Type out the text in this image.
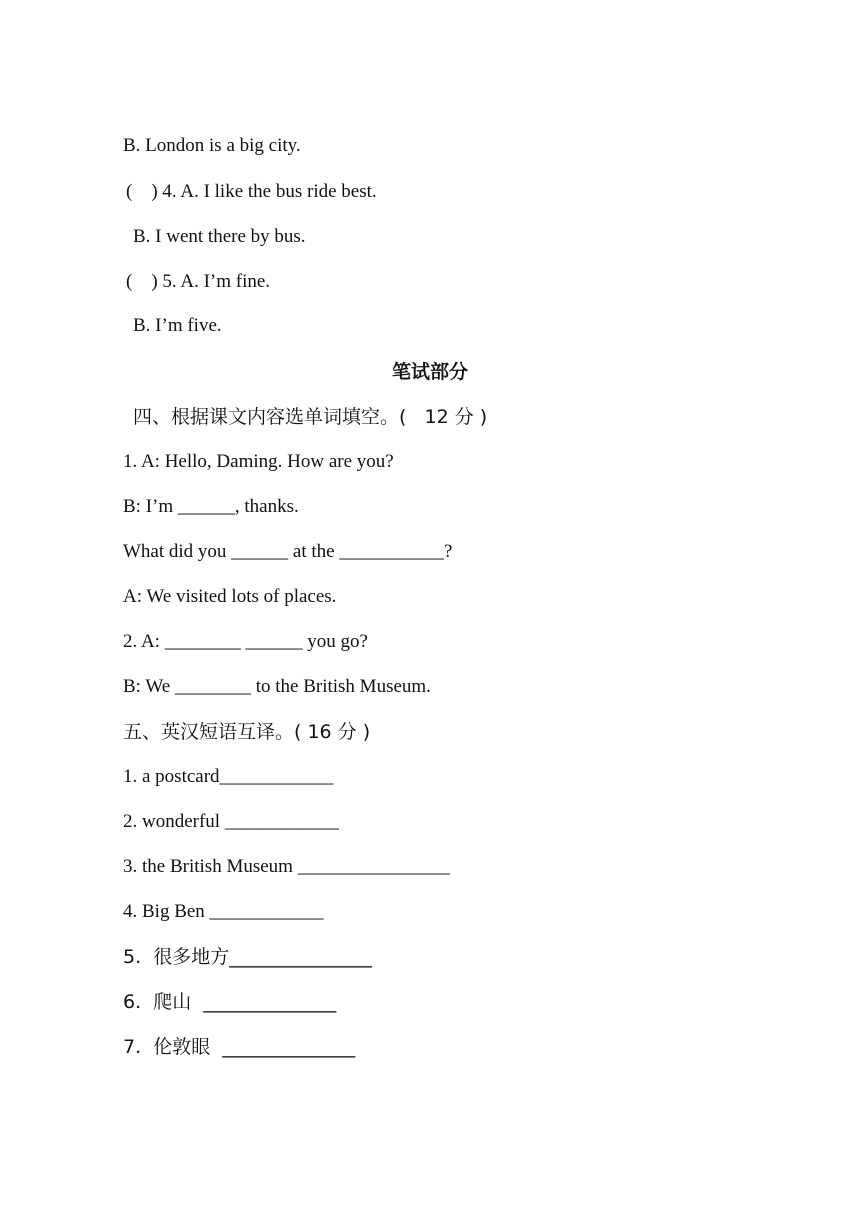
B. London is a big city.
(    ) 4. A. I like the bus ride best.
B. I went there by bus.
(    ) 5. A. I’m fine.
B. I’m five.
笔试部分
四、根据课文内容选单词填空。(   12 分 )
1. A: Hello, Daming. How are you?
B: I’m ______, thanks.
What did you ______ at the ___________?
A: We visited lots of places.
2. A: ________ ______ you go?
B: We ________ to the British Museum.
五、英汉短语互译。( 16 分 )
1. a postcard____________
2. wonderful ____________
3. the British Museum ________________
4. Big Ben ____________
5.  很多地方_______________
6.  爬山  ______________
7.  伦敦眼  ______________
